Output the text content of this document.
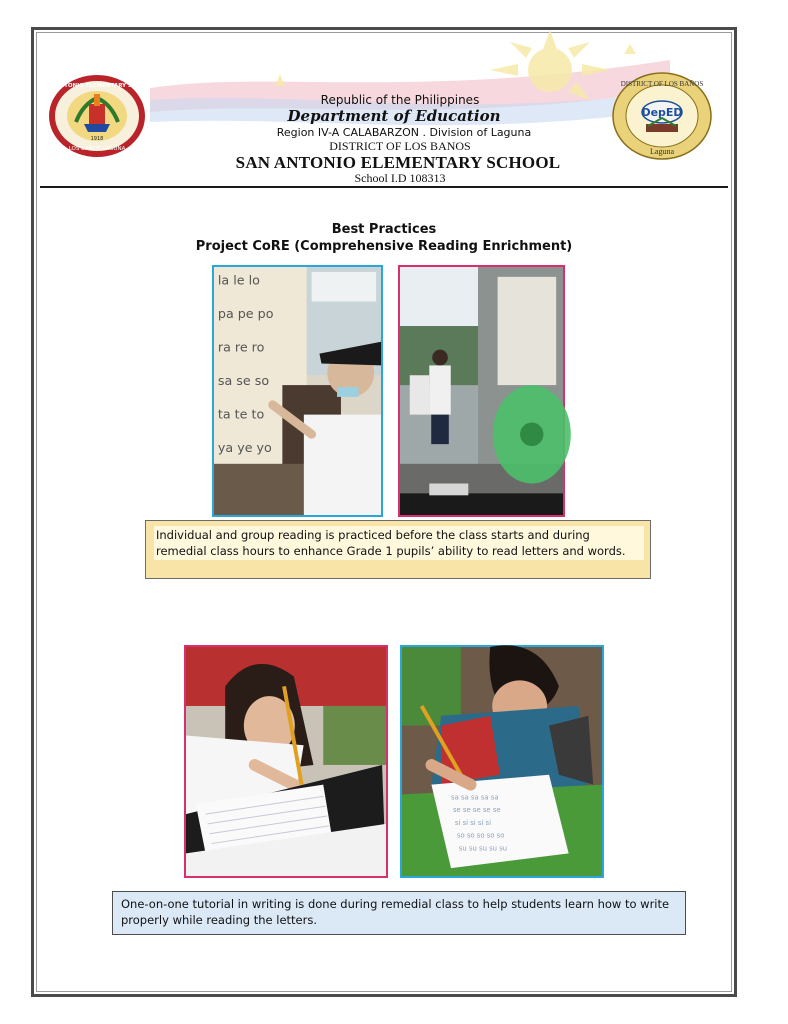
SAN ANTONIO ELEMENTARY SCHOOL
LOS BAÑOS LAGUNA
1918
DepED
DISTRICT OF LOS BAÑOS
Laguna
Republic of the Philippines
Department of Education
Region IV-A CALABARZON . Division of Laguna
DISTRICT OF LOS BANOS
SAN ANTONIO ELEMENTARY SCHOOL
School I.D 108313
Best Practices
Project CoRE (Comprehensive Reading Enrichment)
la le lo
pa pe po
ra re ro
sa se so
ta te to
ya ye yo
sa sa sa sa sa
se se se se se
si si si si si
so so so so so
su su su su su
Individual and group reading is practiced before the class starts and during remedial class hours to enhance Grade 1 pupils’ ability to read letters and words.
One-on-one tutorial in writing is done during remedial class to help students learn how to write properly while reading the letters.
